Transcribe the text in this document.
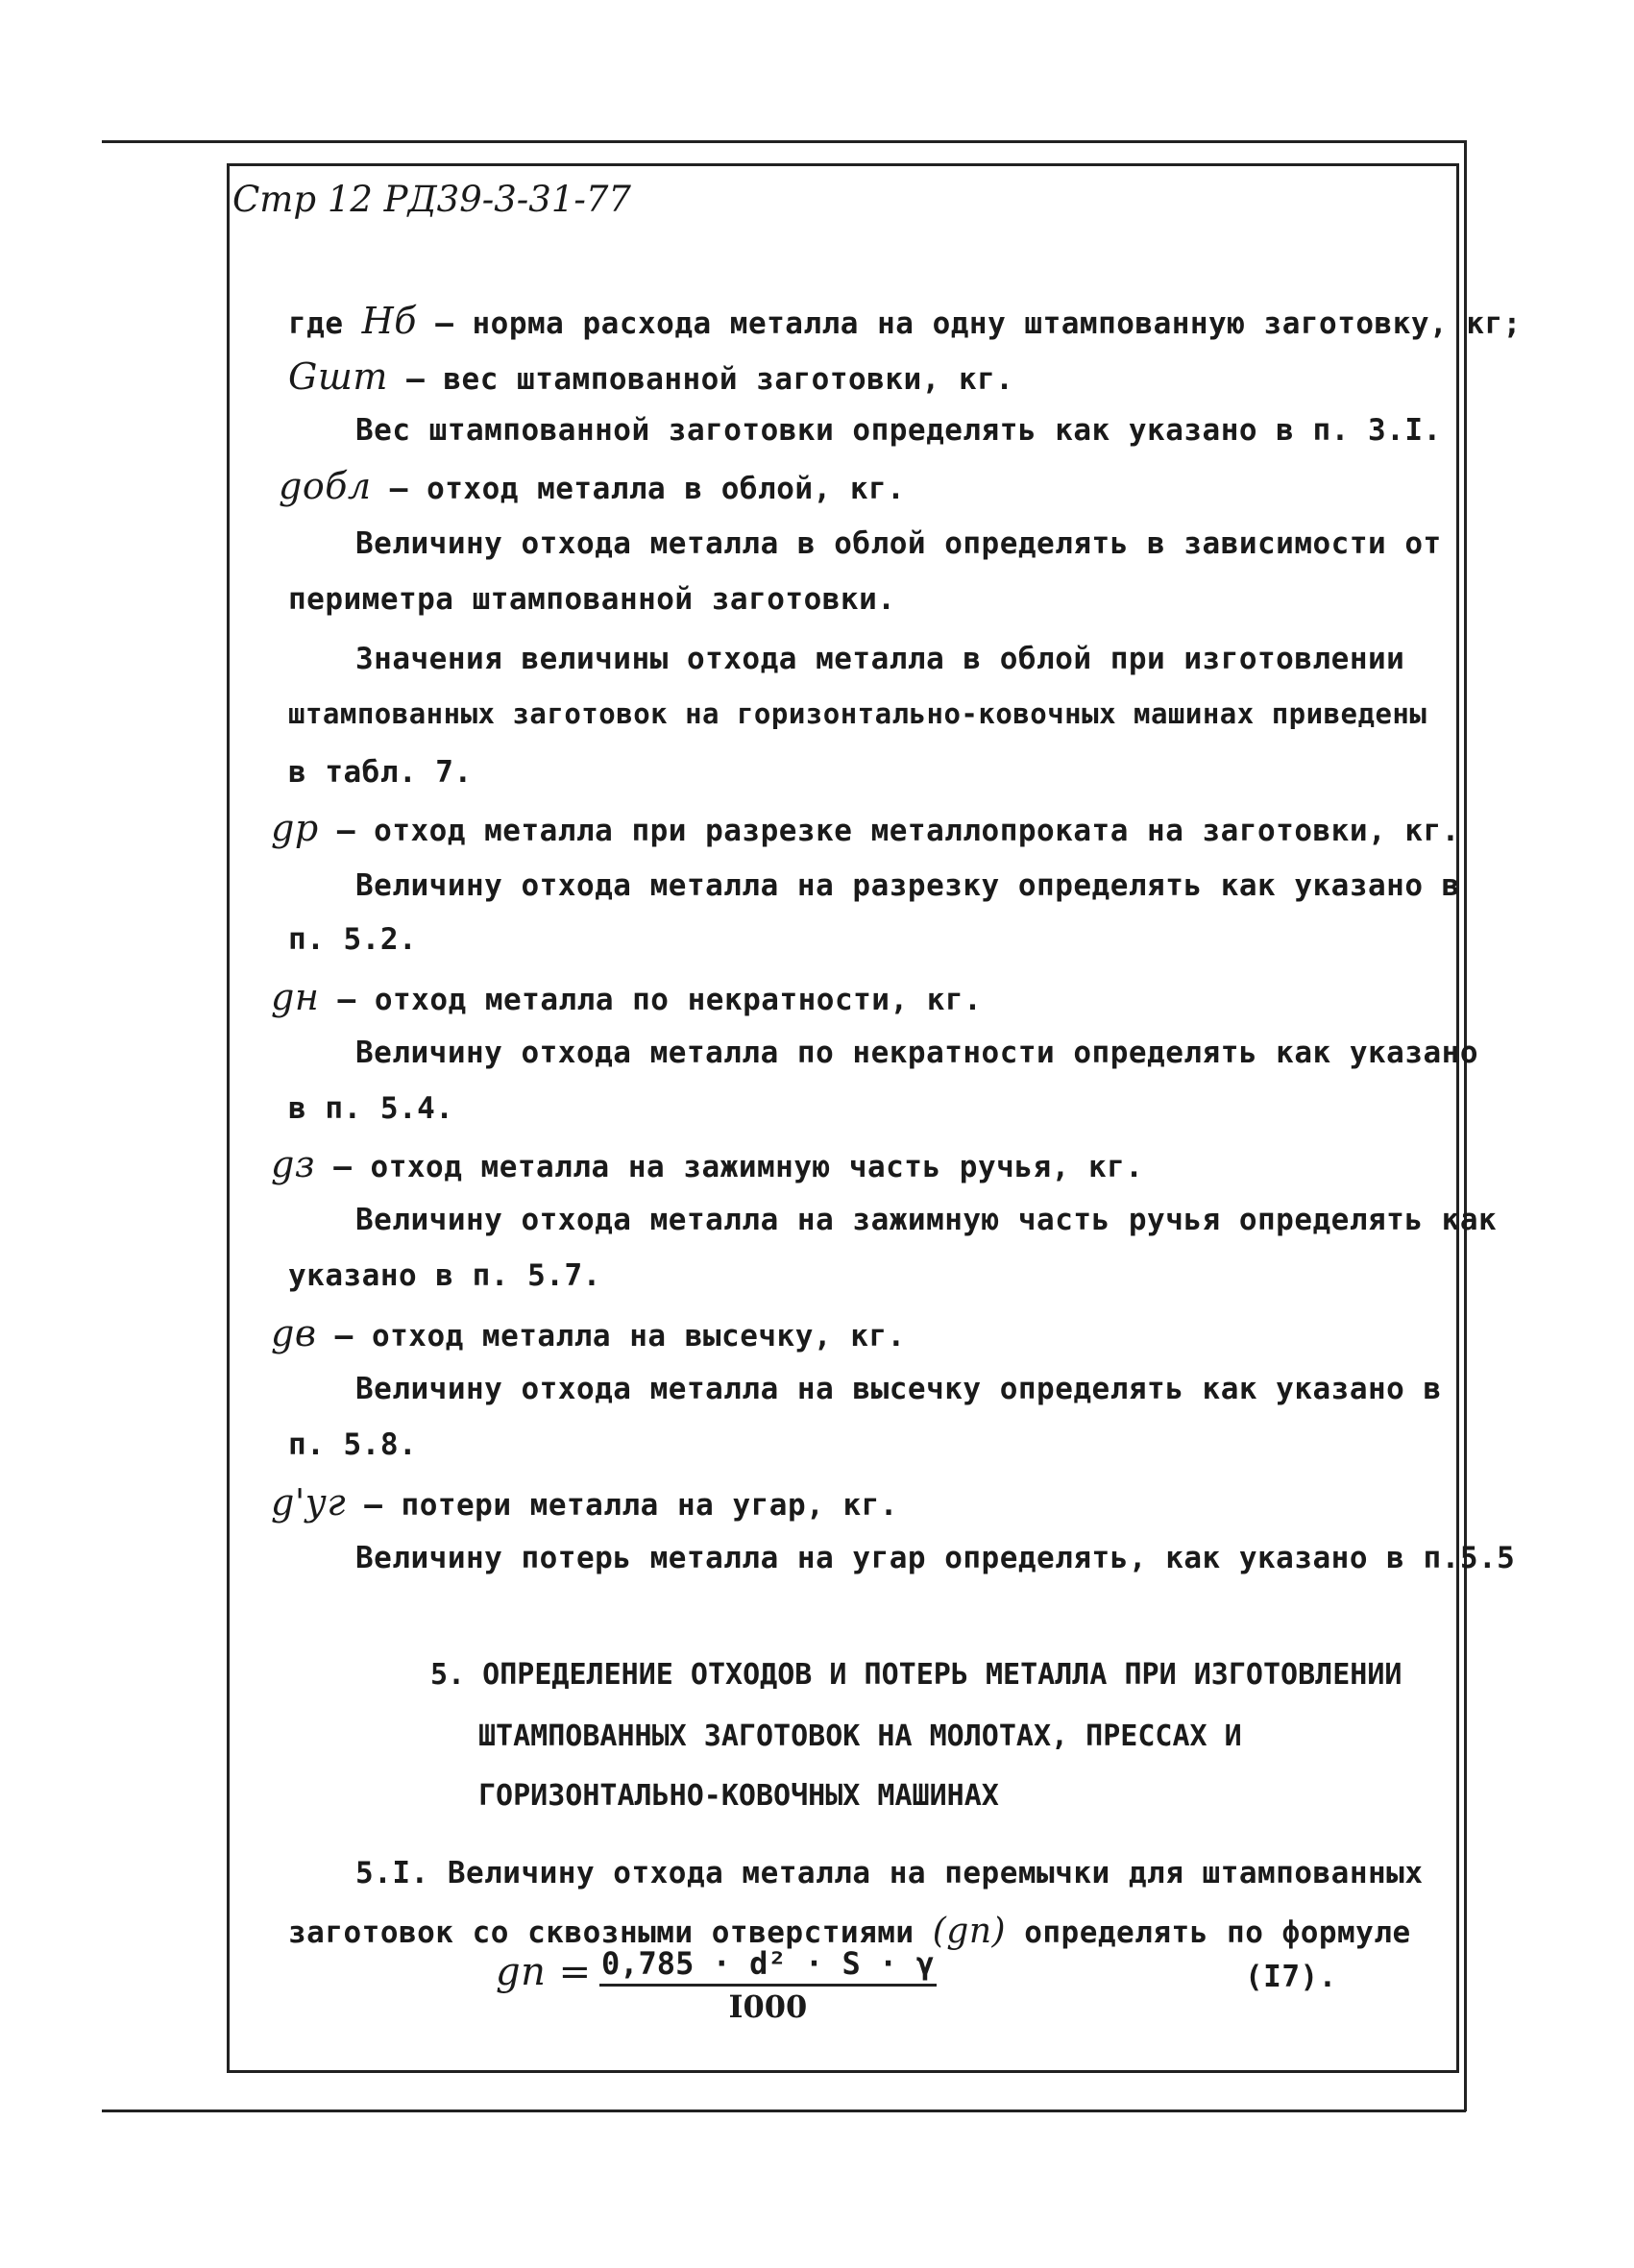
Стр 12 РД39-3-31-77
где Нб – норма расхода металла на одну штампованную заготовку, кг;
Gшт – вес штампованной заготовки, кг.
Вес штампованной заготовки определять как указано в п. 3.I.
gобл – отход металла в облой, кг.
Величину отхода металла в облой определять в зависимости от
периметра штампованной заготовки.
Значения величины отхода металла в облой при изготовлении
штампованных заготовок на горизонтально-ковочных машинах приведены
в табл. 7.
gр – отход металла при разрезке металлопроката на заготовки, кг.
Величину отхода металла на разрезку определять как указано в
п. 5.2.
gн – отход металла по некратности, кг.
Величину отхода металла по некратности определять как указано
в п. 5.4.
gз – отход металла на зажимную часть ручья, кг.
Величину отхода металла на зажимную часть ручья определять как
указано в п. 5.7.
gв – отход металла на высечку, кг.
Величину отхода металла на высечку определять как указано в
п. 5.8.
g'уг – потери металла на угар, кг.
Величину потерь металла на угар определять, как указано в п.5.5
5. ОПРЕДЕЛЕНИЕ ОТХОДОВ И ПОТЕРЬ МЕТАЛЛА ПРИ ИЗГОТОВЛЕНИИ
ШТАМПОВАННЫХ ЗАГОТОВОК НА МОЛОТАХ, ПРЕССАХ И
ГОРИЗОНТАЛЬНО-КОВОЧНЫХ МАШИНАХ
5.I. Величину отхода металла на перемычки для штампованных
заготовок со сквозными отверстиями (gп) определять по формуле
gп = $\frac{\text{0,785 · d² · S · γ}}{I000}$	(I7).
